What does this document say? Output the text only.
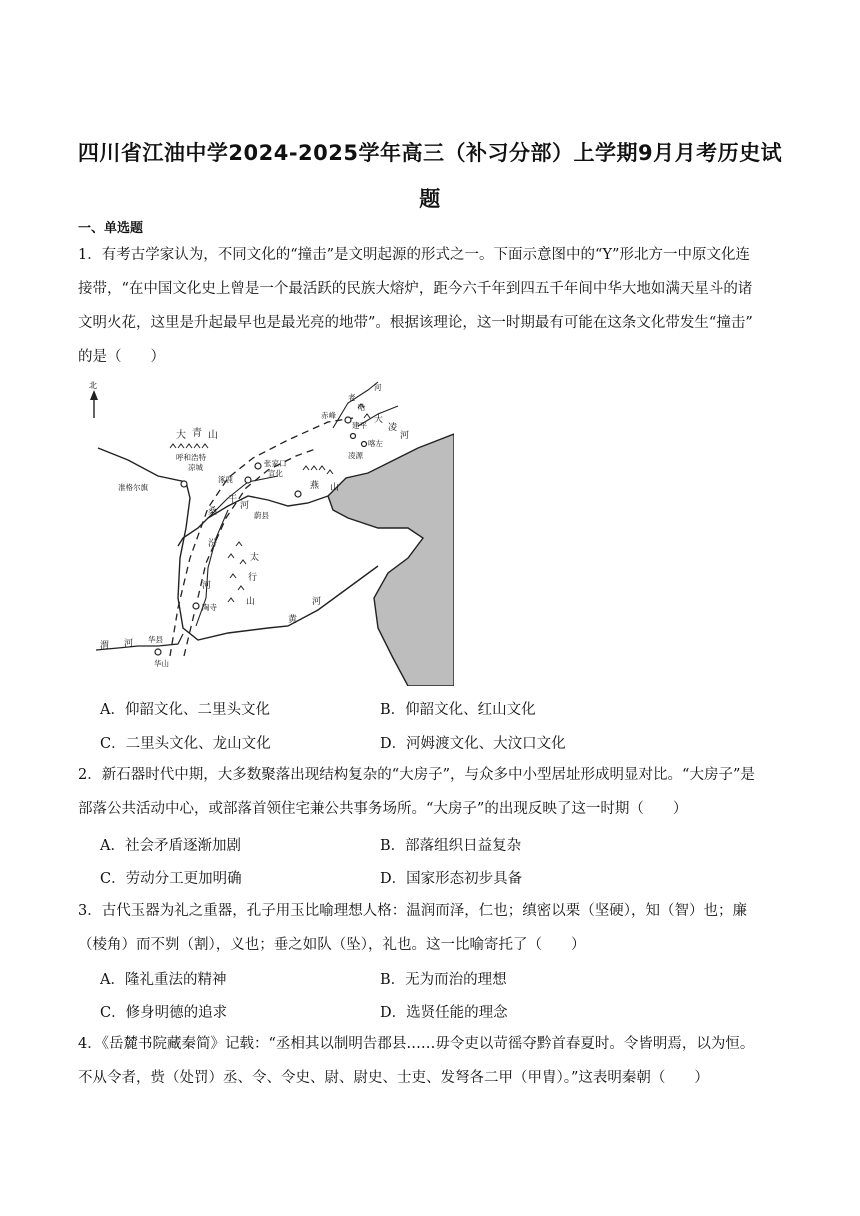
四川省江油中学2024-2025学年高三（补习分部）上学期9月月考历史试
题
一、单选题

1．有考古学家认为，不同文化的“撞击”是文明起源的形式之一。下面示意图中的“Y”形北方一中原文化连

接带，“在中国文化史上曾是一个最活跃的民族大熔炉，距今六千年到四五千年间中华大地如满天星斗的诸

文明火花，这里是升起最早也是最光亮的地带”。根据该理论，这一时期最有可能在这条文化带发生“撞击”

的是（　　）

北
赤峰
建平
喀左
凌源
大
凌
河
老
哈
河
大 青 山
呼和浩特
凉城
准格尔旗
张家口
宣化
涿鹿
蔚县
桑
干
河
燕 山
汾
河
太
行
山
陶寺
黄
河
渭 河 华县
华山
A．仰韶文化、二里头文化	B．仰韶文化、红山文化
C．二里头文化、龙山文化	D．河姆渡文化、大汶口文化

2．新石器时代中期，大多数聚落出现结构复杂的“大房子”，与众多中小型居址形成明显对比。“大房子”是

部落公共活动中心，或部落首领住宅兼公共事务场所。“大房子”的出现反映了这一时期（　　）

A．社会矛盾逐渐加剧	B．部落组织日益复杂
C．劳动分工更加明确	D．国家形态初步具备

3．古代玉器为礼之重器，孔子用玉比喻理想人格：温润而泽，仁也；缜密以栗（坚硬），知（智）也；廉

（棱角）而不刿（割），义也；垂之如队（坠），礼也。这一比喻寄托了（　　）

A．隆礼重法的精神	B．无为而治的理想
C．修身明德的追求	D．选贤任能的理念

4．《岳麓书院藏秦简》记载：“丞相其以制明告郡县……毋令吏以苛徭夺黔首春夏时。令皆明焉，以为恒。

不从令者，赀（处罚）丞、令、令史、尉、尉史、士吏、发弩各二甲（甲胄）。”这表明秦朝（　　）
